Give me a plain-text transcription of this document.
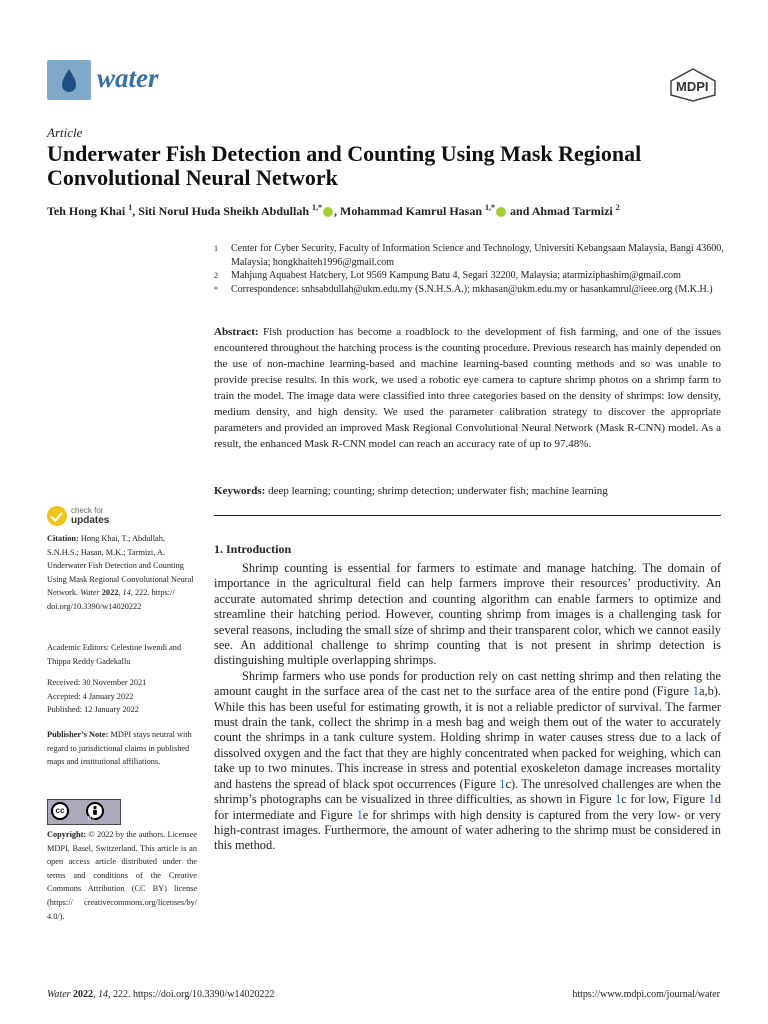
water	MDPI
Article
Underwater Fish Detection and Counting Using Mask Regional Convolutional Neural Network
Teh Hong Khai $^1$, Siti Norul Huda Sheikh Abdullah $^{1,*}$ , Mohammad Kamrul Hasan $^{1,*}$ and Ahmad Tarmizi $^2$
1 Center for Cyber Security, Faculty of Information Science and Technology, Universiti Kebangsaan Malaysia, Bangi 43600, Malaysia; hongkhaiteh1996@gmail.com
2 Mahjung Aquabest Hatchery, Lot 9569 Kampung Batu 4, Segari 32200, Malaysia; atarmiziphashim@gmail.com
* Correspondence: snhsabdullah@ukm.edu.my (S.N.H.S.A.); mkhasan@ukm.edu.my or hasankamrul@ieee.org (M.K.H.)
Abstract: Fish production has become a roadblock to the development of fish farming, and one of the issues encountered throughout the hatching process is the counting procedure. Previous research has mainly depended on the use of non-machine learning-based and machine learning-based counting methods and so was unable to provide precise results. In this work, we used a robotic eye camera to capture shrimp photos on a shrimp farm to train the model. The image data were classified into three categories based on the density of shrimps: low density, medium density, and high density. We used the parameter calibration strategy to discover the appropriate parameters and provided an improved Mask Regional Convolutional Neural Network (Mask R-CNN) model. As a result, the enhanced Mask R-CNN model can reach an accuracy rate of up to 97.48%.
Keywords: deep learning; counting; shrimp detection; underwater fish; machine learning
1. Introduction

Shrimp counting is essential for farmers to estimate and manage hatching. The domain of importance in the agricultural field can help farmers improve their resources’ productivity. An accurate automated shrimp detection and counting algorithm can enable farmers to optimize and streamline their hatching period. However, counting shrimp from images is a challenging task for several reasons, including the small size of shrimp and their transparent color, which we cannot easily see. An additional challenge to shrimp counting that is not present in shrimp detection is distinguishing multiple overlapping shrimps.

Shrimp farmers who use ponds for production rely on cast netting shrimp and then relating the amount caught in the surface area of the cast net to the surface area of the entire pond (Figure 1a,b). While this has been useful for estimating growth, it is not a reliable predictor of survival. The farmer must drain the tank, collect the shrimp in a mesh bag and weigh them out of the water to accurately count the shrimps in a tank culture system. Holding shrimp in water causes stress due to a lack of dissolved oxygen and the fact that they are highly concentrated when packed for weighing, which can take up to two minutes. This increase in stress and potential exoskeleton damage increases mortality and hastens the spread of black spot occurrences (Figure 1c). The unresolved challenges are when the shrimp’s photographs can be visualized in three difficulties, as shown in Figure 1c for low, Figure 1d for intermediate and Figure 1e for shrimps with high density is captured from the very low- or very high-contrast images. Furthermore, the amount of water adhering to the shrimp must be considered in this method.

check for
updates
Citation: Hong Khai, T.; Abdullah, S.N.H.S.; Hasan, M.K.; Tarmizi, A. Underwater Fish Detection and Counting Using Mask Regional Convolutional Neural Network. Water 2022, 14, 222. https:// doi.org/10.3390/w14020222
Academic Editors: Celestine Iwendi and Thippa Reddy Gadekallu
Received: 30 November 2021
Accepted: 4 January 2022
Published: 12 January 2022
Publisher’s Note: MDPI stays neutral with regard to jurisdictional claims in published maps and institutional affiliations.
cc
BY
Copyright: © 2022 by the authors. Licensee MDPI, Basel, Switzerland. This article is an open access article distributed under the terms and conditions of the Creative Commons Attribution (CC BY) license (https:// creativecommons.org/licenses/by/ 4.0/).
Water 2022, 14, 222. https://doi.org/10.3390/w14020222	https://www.mdpi.com/journal/water
